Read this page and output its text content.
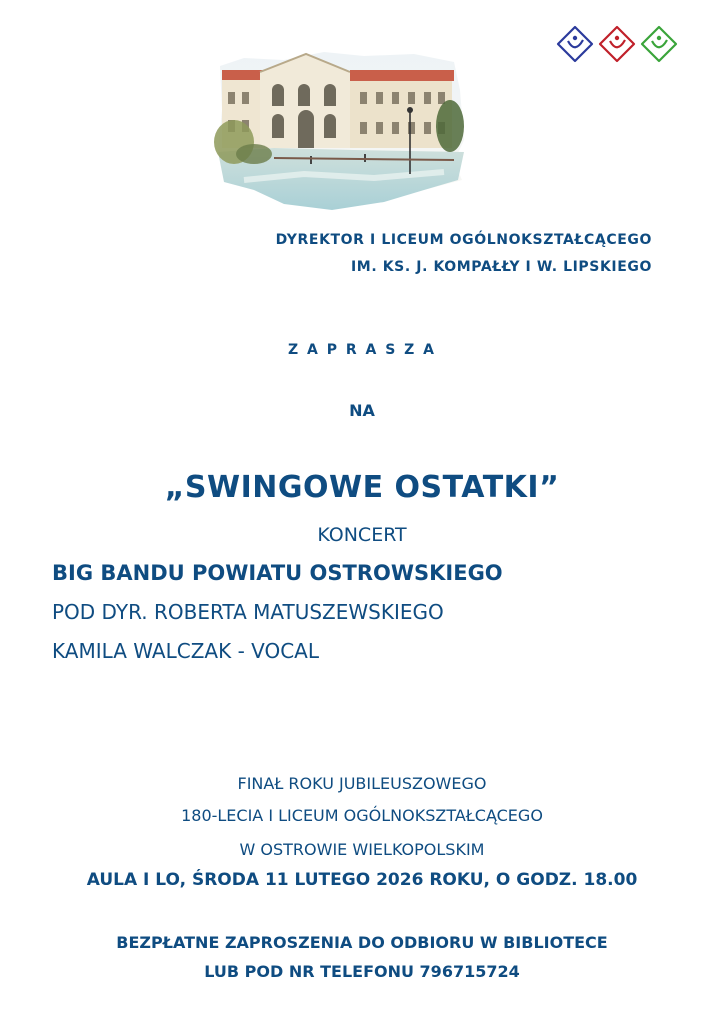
DYREKTOR I LICEUM OGÓLNOKSZTAŁCĄCEGO
IM. KS. J. KOMPAŁŁY I W. LIPSKIEGO
Z A P R A S Z A
NA
„SWINGOWE OSTATKI”
KONCERT
BIG BANDU POWIATU OSTROWSKIEGO
POD DYR. ROBERTA MATUSZEWSKIEGO
KAMILA WALCZAK - VOCAL
FINAŁ ROKU JUBILEUSZOWEGO
180-LECIA I LICEUM OGÓLNOKSZTAŁCĄCEGO
W OSTROWIE WIELKOPOLSKIM
AULA I LO, ŚRODA 11 LUTEGO 2026 ROKU, O GODZ. 18.00
BEZPŁATNE ZAPROSZENIA DO ODBIORU W BIBLIOTECE
LUB POD NR TELEFONU 796715724
